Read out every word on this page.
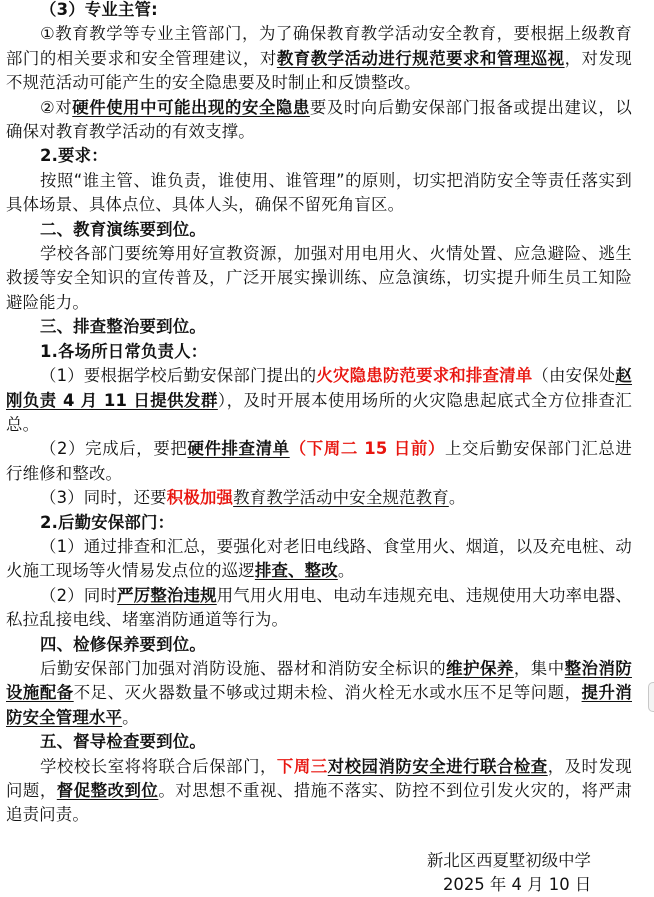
（3）专业主管:

①教育教学等专业主管部门，为了确保教育教学活动安全教育，要根据上级教育部门的相关要求和安全管理建议，对教育教学活动进行规范要求和管理巡视，对发现不规范活动可能产生的安全隐患要及时制止和反馈整改。

②对硬件使用中可能出现的安全隐患要及时向后勤安保部门报备或提出建议，以确保对教育教学活动的有效支撑。

2.要求：

按照“谁主管、谁负责，谁使用、谁管理”的原则，切实把消防安全等责任落实到具体场景、具体点位、具体人头，确保不留死角盲区。

二、教育演练要到位。

学校各部门要统筹用好宣教资源，加强对用电用火、火情处置、应急避险、逃生救援等安全知识的宣传普及，广泛开展实操训练、应急演练，切实提升师生员工知险避险能力。

三、排查整治要到位。

1.各场所日常负责人：

（1）要根据学校后勤安保部门提出的火灾隐患防范要求和排查清单（由安保处赵刚负责 4 月 11 日提供发群），及时开展本使用场所的火灾隐患起底式全方位排查汇总。

（2）完成后，要把硬件排查清单（下周二 15 日前）上交后勤安保部门汇总进行维修和整改。

（3）同时，还要积极加强教育教学活动中安全规范教育。

2.后勤安保部门：

（1）通过排查和汇总，要强化对老旧电线路、食堂用火、烟道，以及充电桩、动火施工现场等火情易发点位的巡逻排查、整改。

（2）同时严厉整治违规用气用火用电、电动车违规充电、违规使用大功率电器、私拉乱接电线、堵塞消防通道等行为。

四、检修保养要到位。

后勤安保部门加强对消防设施、器材和消防安全标识的维护保养，集中整治消防设施配备不足、灭火器数量不够或过期未检、消火栓无水或水压不足等问题，提升消防安全管理水平。

五、督导检查要到位。

学校校长室将将联合后保部门，下周三对校园消防安全进行联合检查，及时发现问题，督促整改到位。对思想不重视、措施不落实、防控不到位引发火灾的，将严肃追责问责。

新北区西夏墅初级中学
2025 年 4 月 10 日
